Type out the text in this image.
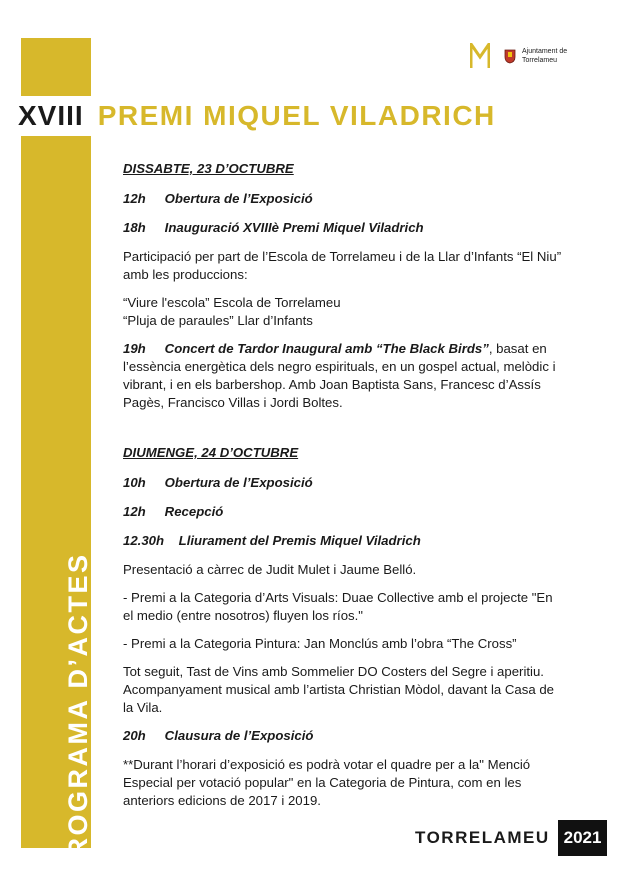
PROGRAMA D’ACTES
XVIII PREMI MIQUEL VILADRICH
Ajuntament de
Torrelameu
DISSABTE, 23 D’OCTUBRE
12h Obertura de l’Exposició
18h Inauguració XVIIIè Premi Miquel Viladrich
Participació per part de l’Escola de Torrelameu i de la Llar d’Infants “El Niu” amb les produccions:
“Viure l'escola” Escola de Torrelameu
“Pluja de paraules” Llar d’Infants
19h Concert de Tardor Inaugural amb “The Black Birds”, basat en l’essència energètica dels negro espirituals, en un gospel actual, melòdic i vibrant, i en els barbershop. Amb Joan Baptista Sans, Francesc d’Assís Pagès, Francisco Villas i Jordi Boltes.
DIUMENGE, 24 D’OCTUBRE
10h Obertura de l’Exposició
12h Recepció
12.30h Lliurament del Premis Miquel Viladrich
Presentació a càrrec de Judit Mulet i Jaume Belló.
- Premi a la Categoria d’Arts Visuals: Duae Collective amb el projecte "En el medio (entre nosotros) fluyen los ríos."
- Premi a la Categoria Pintura: Jan Monclús amb l’obra “The Cross”
Tot seguit, Tast de Vins amb Sommelier DO Costers del Segre i aperitiu. Acompanyament musical amb l’artista Christian Mòdol, davant la Casa de la Vila.
20h Clausura de l’Exposició
**Durant l’horari d’exposició es podrà votar el quadre per a la" Menció Especial per votació popular" en la Categoria de Pintura, com en les anteriors edicions de 2017 i 2019.
TORRELAMEU 2021
